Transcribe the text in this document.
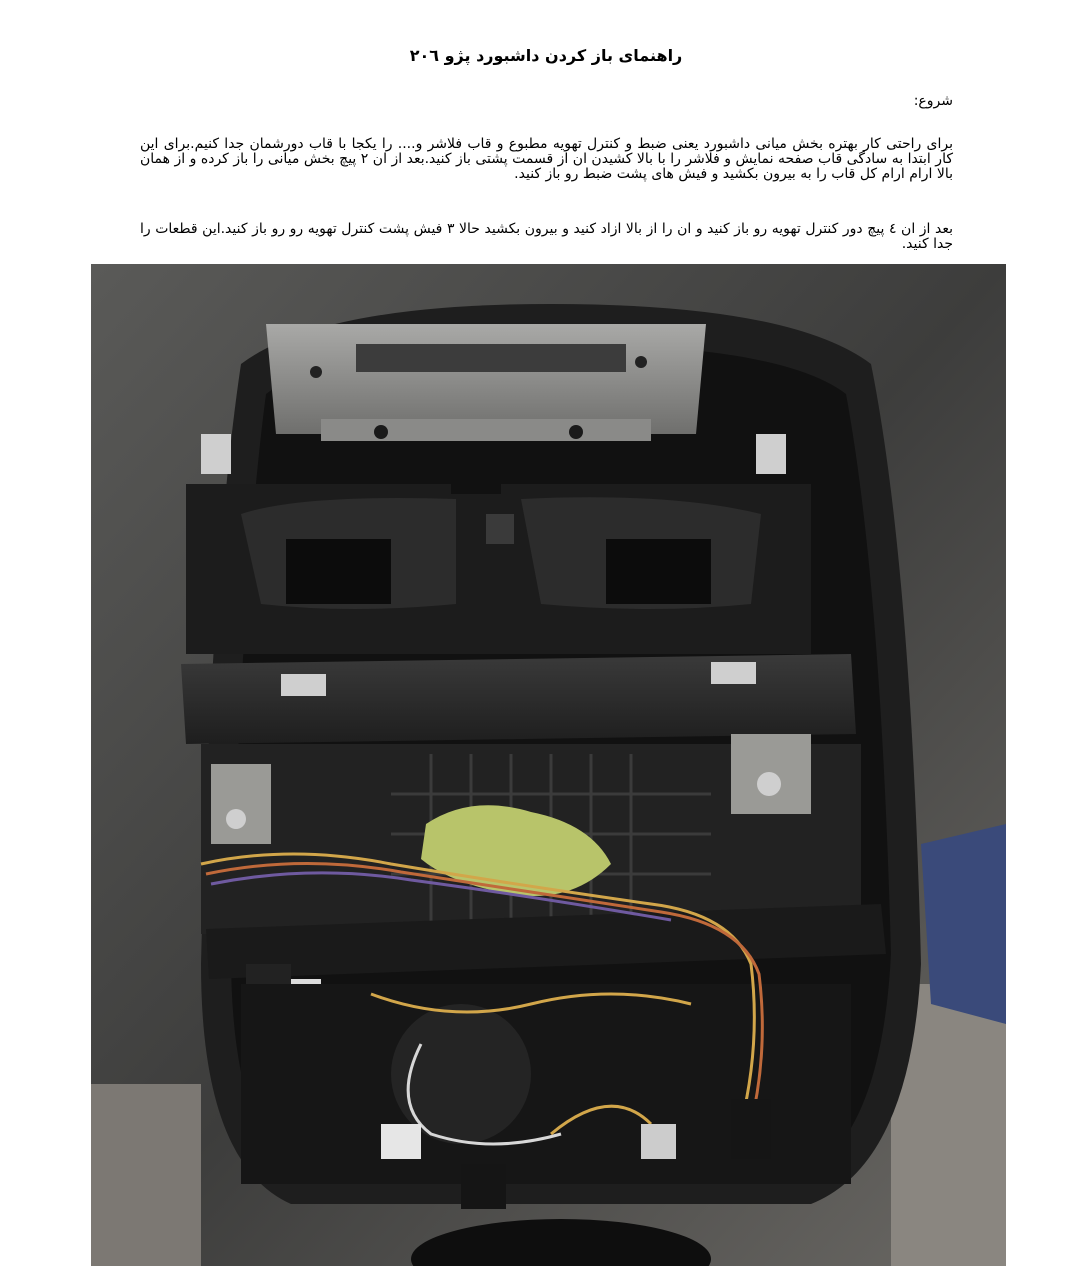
راهنمای باز کردن داشبورد پژو ۲۰٦
شروع:
برای راحتی کار بهتره بخش میانی داشبورد یعنی ضبط و کنترل تهویه مطبوع و قاب فلاشر و.... را یکجا با قاب دورشمان جدا کنیم.برای این کار ابتدا به سادگی قاب صفحه نمایش و فلاشر را با بالا کشیدن ان از قسمت پشتی باز کنید.بعد از ان ۲ پیچ بخش میانی را باز کرده و از همان بالا ارام ارام کل قاب را به بیرون بکشید و فیش های پشت ضبط رو باز کنید.
بعد از ان ٤ پیچ دور کنترل تهویه رو باز کنید و ان را از بالا ازاد کنید و بیرون بکشید حالا ۳ فیش پشت کنترل تهویه رو رو باز کنید.این قطعات را جدا کنید.
